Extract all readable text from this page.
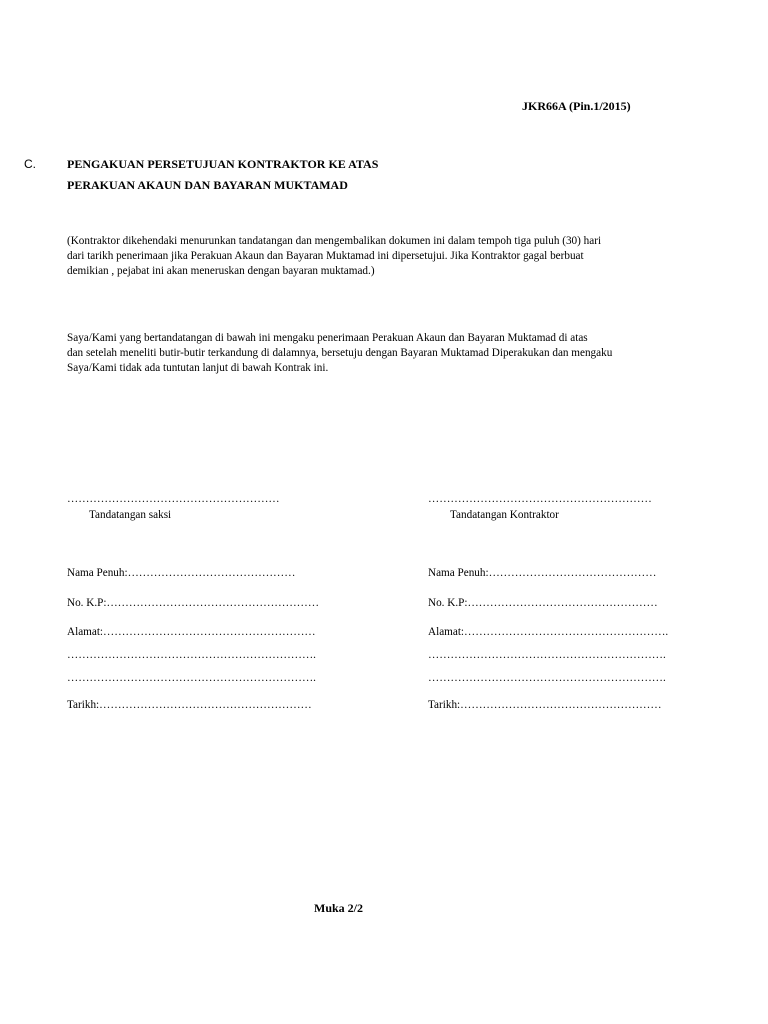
JKR66A (Pin.1/2015)
C.	PENGAKUAN PERSETUJUAN KONTRAKTOR KE ATAS
PERAKUAN AKAUN DAN BAYARAN MUKTAMAD
(Kontraktor dikehendaki menurunkan tandatangan dan mengembalikan dokumen ini dalam tempoh tiga puluh (30) hari
dari tarikh penerimaan jika Perakuan Akaun dan Bayaran Muktamad ini dipersetujui. Jika Kontraktor gagal berbuat
demikian , pejabat ini akan meneruskan dengan bayaran muktamad.)
Saya/Kami yang bertandatangan di bawah ini mengaku penerimaan Perakuan Akaun dan Bayaran Muktamad di atas
dan setelah meneliti butir-butir terkandung di dalamnya, bersetuju dengan Bayaran Muktamad Diperakukan dan mengaku
Saya/Kami tidak ada tuntutan lanjut di bawah Kontrak ini.
…………………………………………………
Tandatangan saksi
Nama Penuh:………………………………………
No. K.P:…………………………………………………
Alamat:…………………………………………………
………………………………………………………….
………………………………………………………….
Tarikh:…………………………………………………
……………………………………………………
Tandatangan Kontraktor
Nama Penuh:………………………………………
No. K.P:……………………………………………
Alamat:……………………………………………….
……………………………………………………….
……………………………………………………….
Tarikh:………………………………………………
Muka 2/2
